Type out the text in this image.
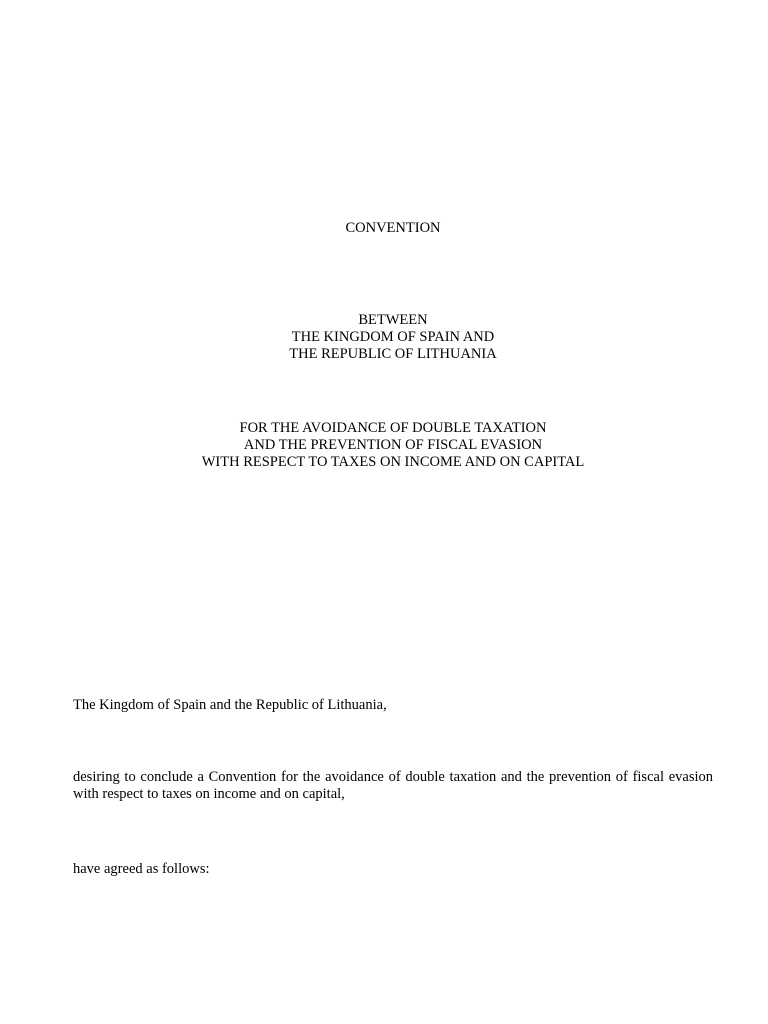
CONVENTION
BETWEEN
THE KINGDOM OF SPAIN AND
THE REPUBLIC OF LITHUANIA
FOR THE AVOIDANCE OF DOUBLE TAXATION
AND THE PREVENTION OF FISCAL EVASION
WITH RESPECT TO TAXES ON INCOME AND ON CAPITAL
The Kingdom of Spain and the Republic of Lithuania,
desiring to conclude a Convention for the avoidance of double taxation and the prevention of fiscal evasion with respect to taxes on income and on capital,
have agreed as follows:
